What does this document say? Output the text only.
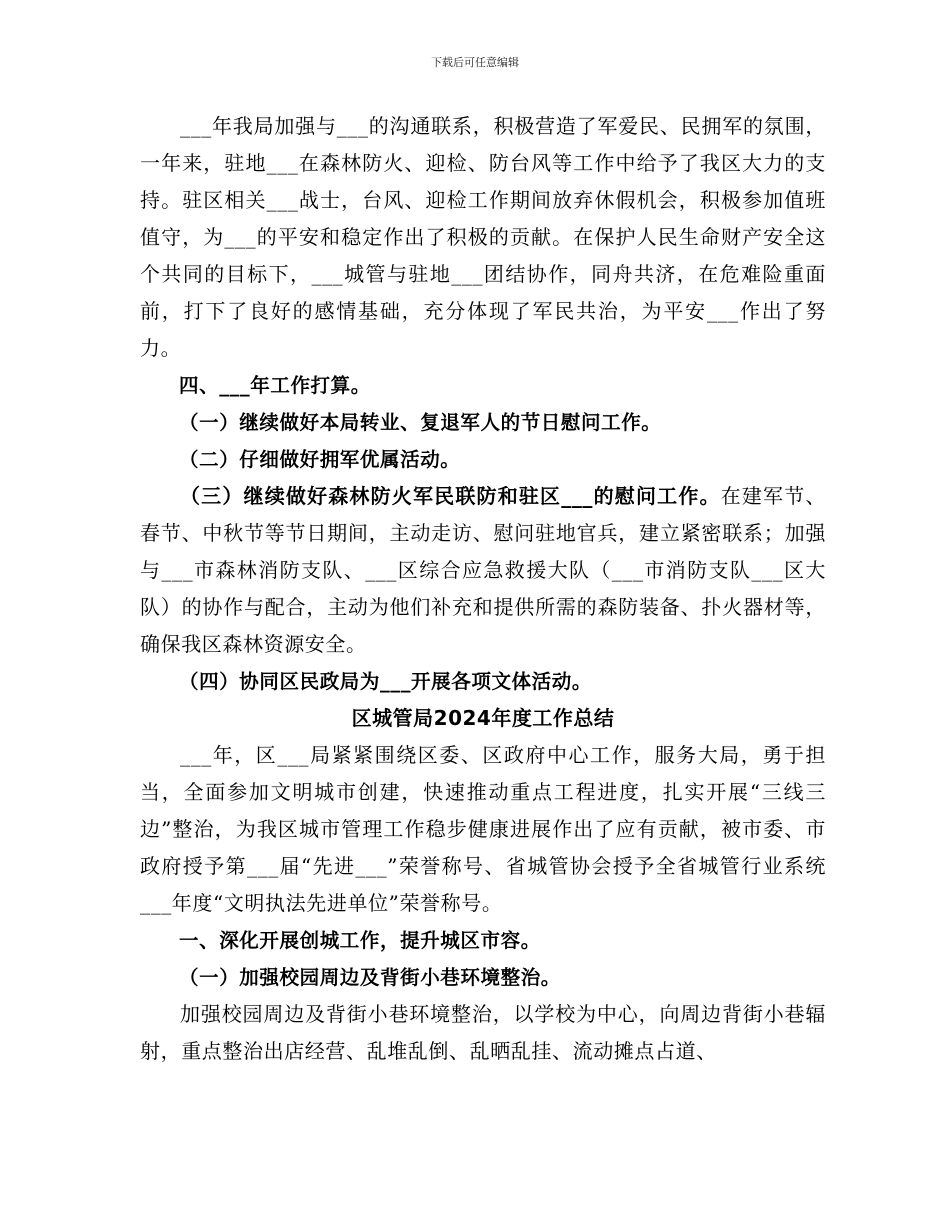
下载后可任意编辑

___年我局加强与___的沟通联系，积极营造了军爱民、民拥军的氛围，一年来，驻地___在森林防火、迎检、防台风等工作中给予了我区大力的支持。驻区相关___战士，台风、迎检工作期间放弃休假机会，积极参加值班值守，为___的平安和稳定作出了积极的贡献。在保护人民生命财产安全这个共同的目标下，___城管与驻地___团结协作，同舟共济，在危难险重面前，打下了良好的感情基础，充分体现了军民共治，为平安___作出了努力。

四、___年工作打算。

（一）继续做好本局转业、复退军人的节日慰问工作。

（二）仔细做好拥军优属活动。

（三）继续做好森林防火军民联防和驻区___的慰问工作。在建军节、春节、中秋节等节日期间，主动走访、慰问驻地官兵，建立紧密联系；加强与___市森林消防支队、___区综合应急救援大队（___市消防支队___区大队）的协作与配合，主动为他们补充和提供所需的森防装备、扑火器材等，确保我区森林资源安全。

（四）协同区民政局为___开展各项文体活动。

区城管局2024年度工作总结

___年，区___局紧紧围绕区委、区政府中心工作，服务大局，勇于担当，全面参加文明城市创建，快速推动重点工程进度，扎实开展“三线三边”整治，为我区城市管理工作稳步健康进展作出了应有贡献，被市委、市政府授予第___届“先进___”荣誉称号、省城管协会授予全省城管行业系统___年度“文明执法先进单位”荣誉称号。

一、深化开展创城工作，提升城区市容。

（一）加强校园周边及背街小巷环境整治。

加强校园周边及背街小巷环境整治，以学校为中心，向周边背街小巷辐射，重点整治出店经营、乱堆乱倒、乱晒乱挂、流动摊点占道、
